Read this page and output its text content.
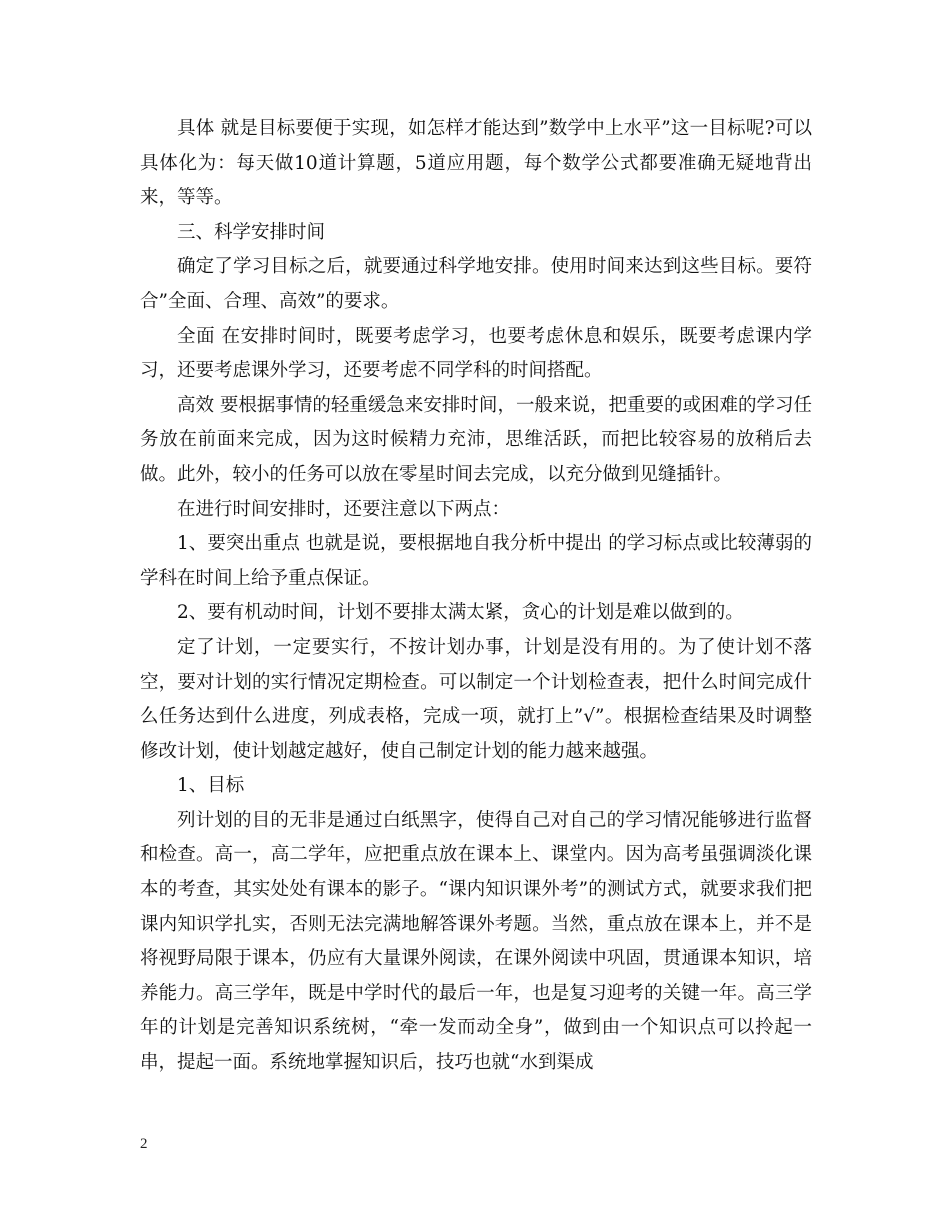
具体 就是目标要便于实现，如怎样才能达到”数学中上水平”这一目标呢?可以具体化为：每天做10道计算题，5道应用题，每个数学公式都要准确无疑地背出来，等等。

三、科学安排时间

确定了学习目标之后，就要通过科学地安排。使用时间来达到这些目标。要符合”全面、合理、高效”的要求。

全面 在安排时间时，既要考虑学习，也要考虑休息和娱乐，既要考虑课内学习，还要考虑课外学习，还要考虑不同学科的时间搭配。

高效 要根据事情的轻重缓急来安排时间，一般来说，把重要的或困难的学习任务放在前面来完成，因为这时候精力充沛，思维活跃，而把比较容易的放稍后去做。此外，较小的任务可以放在零星时间去完成，以充分做到见缝插针。

在进行时间安排时，还要注意以下两点：

1、要突出重点 也就是说，要根据地自我分析中提出 的学习标点或比较薄弱的学科在时间上给予重点保证。

2、要有机动时间，计划不要排太满太紧，贪心的计划是难以做到的。

定了计划，一定要实行，不按计划办事，计划是没有用的。为了使计划不落空，要对计划的实行情况定期检查。可以制定一个计划检查表，把什么时间完成什么任务达到什么进度，列成表格，完成一项，就打上”√”。根据检查结果及时调整修改计划，使计划越定越好，使自己制定计划的能力越来越强。

1、目标

列计划的目的无非是通过白纸黑字，使得自己对自己的学习情况能够进行监督和检查。高一，高二学年，应把重点放在课本上、课堂内。因为高考虽强调淡化课本的考查，其实处处有课本的影子。“课内知识课外考”的测试方式，就要求我们把课内知识学扎实，否则无法完满地解答课外考题。当然，重点放在课本上，并不是将视野局限于课本，仍应有大量课外阅读，在课外阅读中巩固，贯通课本知识，培养能力。高三学年，既是中学时代的最后一年，也是复习迎考的关键一年。高三学年的计划是完善知识系统树，“牵一发而动全身”，做到由一个知识点可以拎起一串，提起一面。系统地掌握知识后，技巧也就“水到渠成

2
